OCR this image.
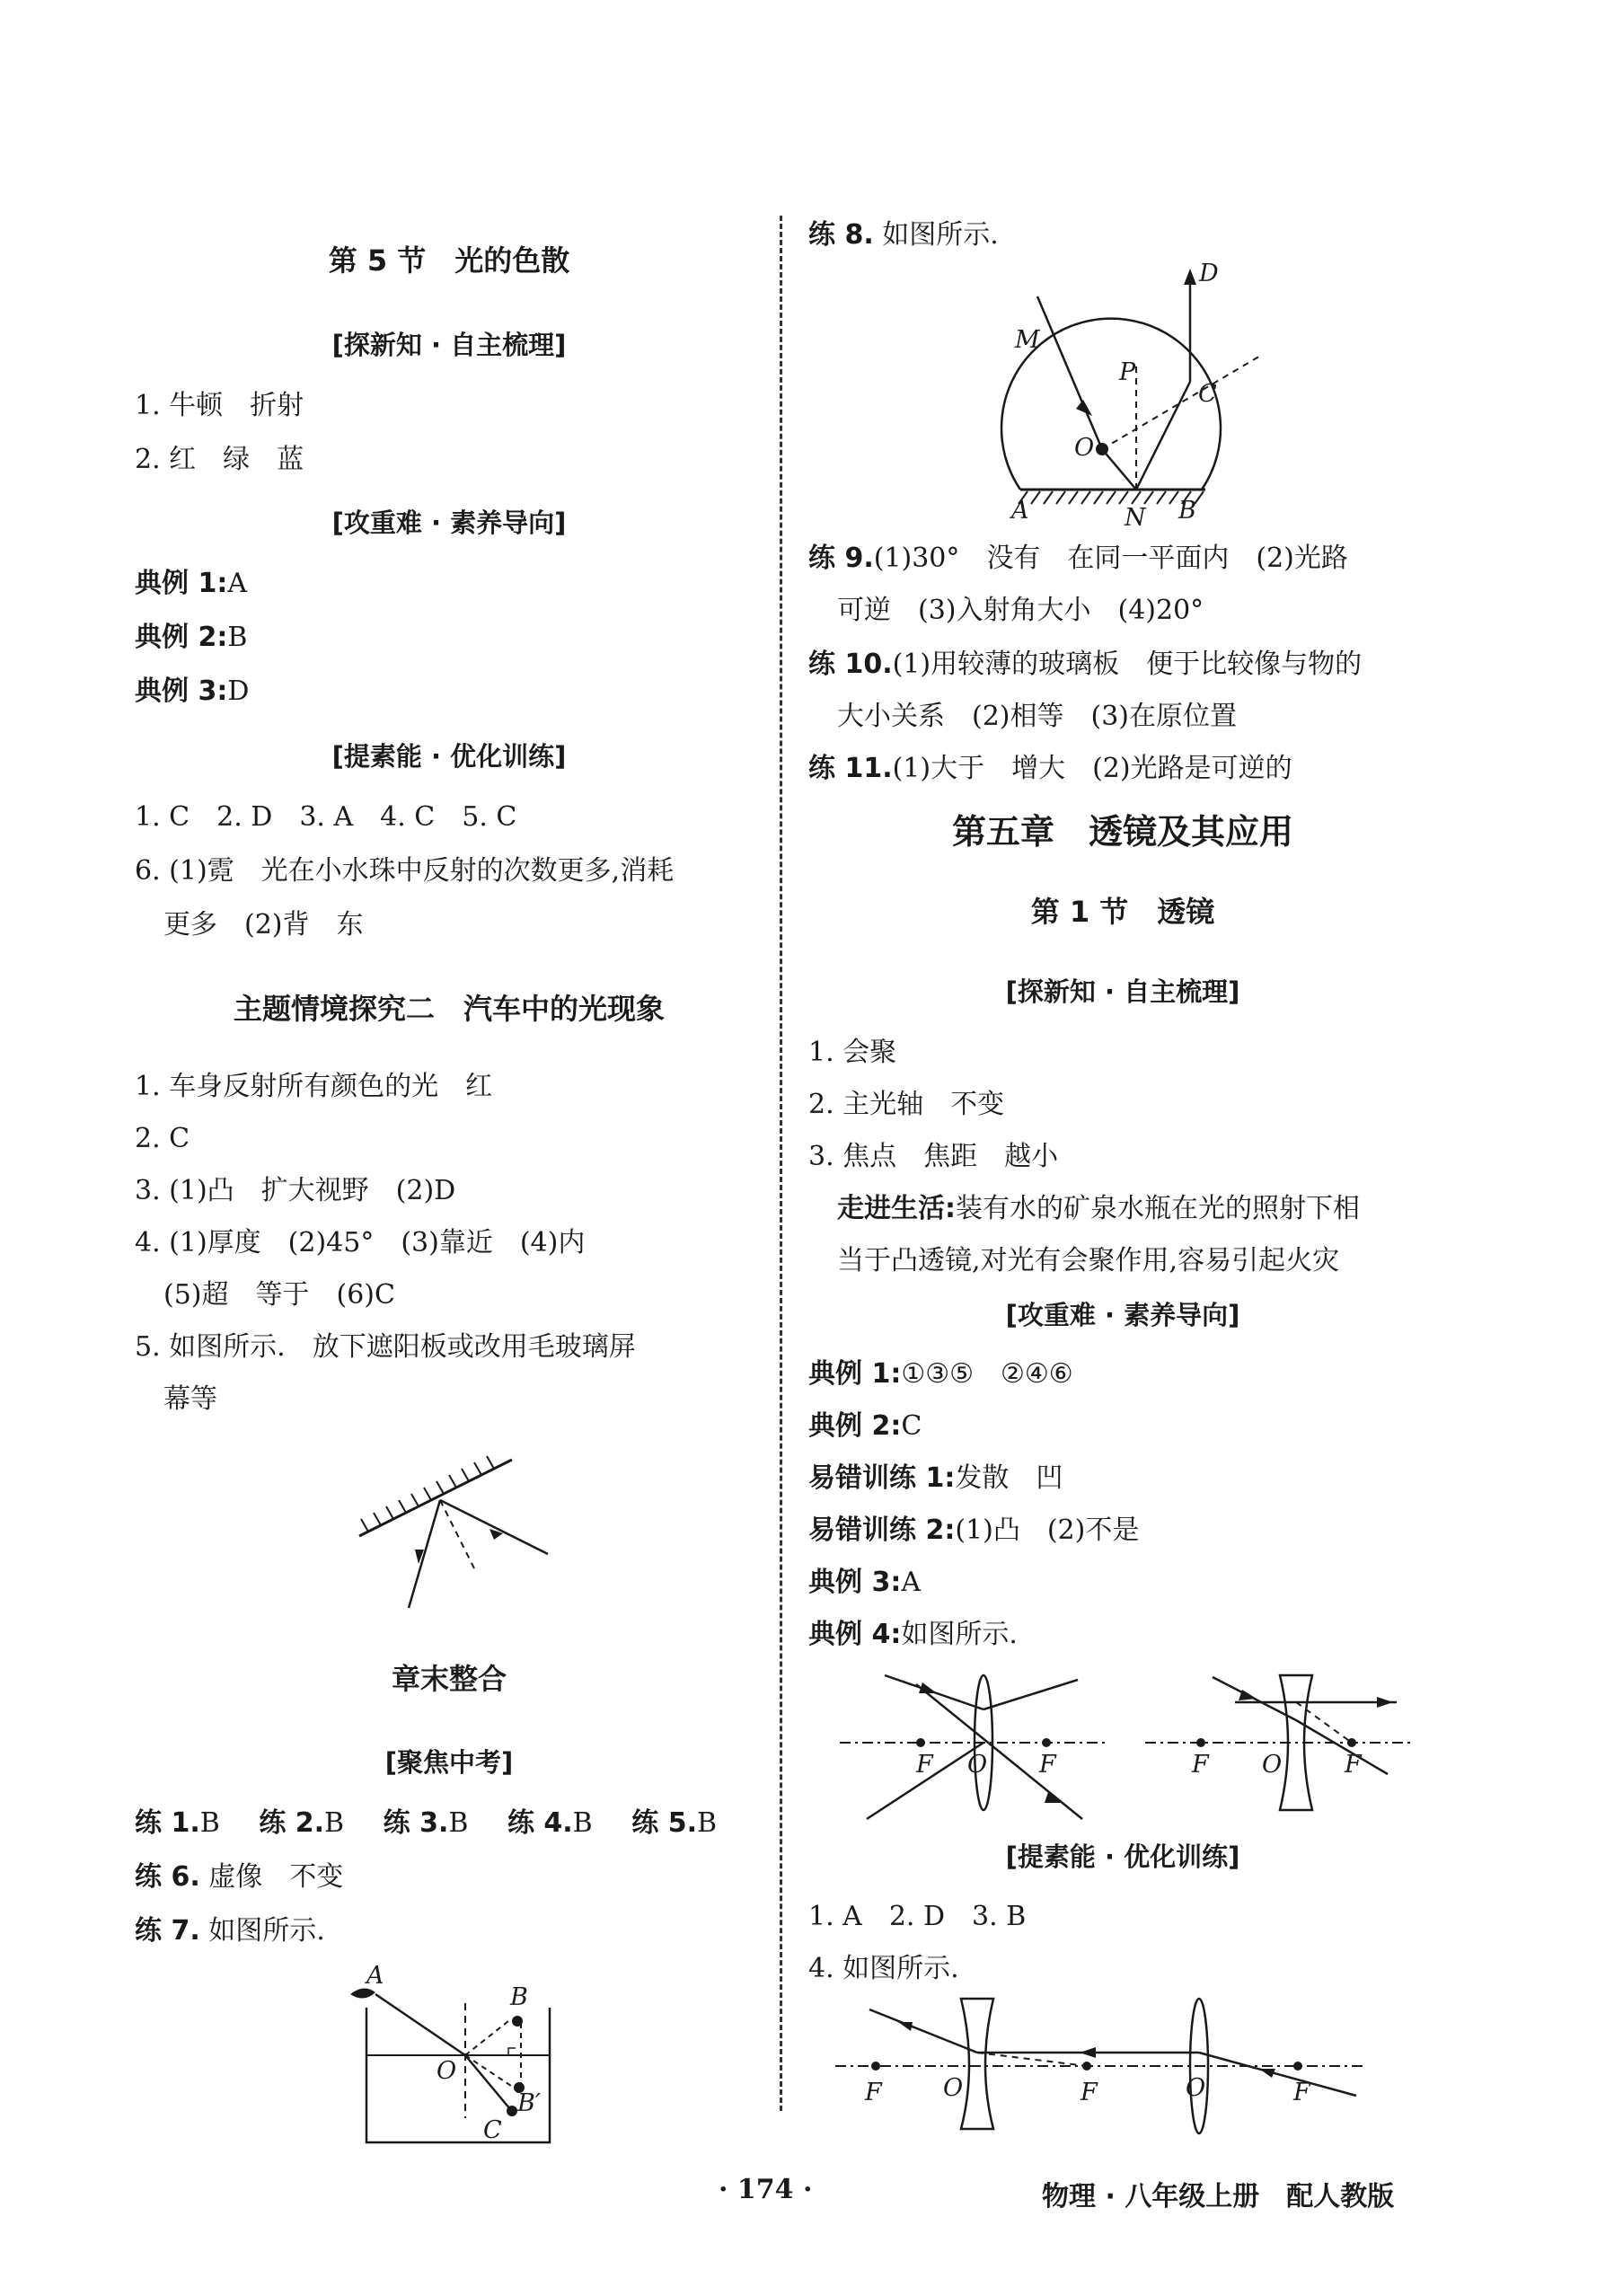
第 5 节　光的色散
[探新知 · 自主梳理]
1. 牛顿　折射
2. 红　绿　蓝
[攻重难 · 素养导向]
典例 1:A
典例 2:B
典例 3:D
[提素能 · 优化训练]
1. C　2. D　3. A　4. C　5. C
6. (1)霓　光在小水珠中反射的次数更多,消耗
更多　(2)背　东
主题情境探究二　汽车中的光现象
1. 车身反射所有颜色的光　红
2. C
3. (1)凸　扩大视野　(2)D
4. (1)厚度　(2)45°　(3)靠近　(4)内
(5)超　等于　(6)C
5. 如图所示.　放下遮阳板或改用毛玻璃屏
幕等
章末整合
[聚焦中考]
练 1.B 练 2.B 练 3.B 练 4.B 练 5.B
练 6. 虚像　不变
练 7. 如图所示.
A
B
O
B′
C
练 8. 如图所示.
练 9.(1)30°　没有　在同一平面内　(2)光路
可逆　(3)入射角大小　(4)20°
练 10.(1)用较薄的玻璃板　便于比较像与物的
大小关系　(2)相等　(3)在原位置
练 11.(1)大于　增大　(2)光路是可逆的
第五章　透镜及其应用
第 1 节　透镜
[探新知 · 自主梳理]
1. 会聚
2. 主光轴　不变
3. 焦点　焦距　越小
走进生活:装有水的矿泉水瓶在光的照射下相
当于凸透镜,对光有会聚作用,容易引起火灾
[攻重难 · 素养导向]
典例 1:①③⑤　②④⑥
典例 2:C
易错训练 1:发散　凹
易错训练 2:(1)凸　(2)不是
典例 3:A
典例 4:如图所示.
[提素能 · 优化训练]
1. A　2. D　3. B
4. 如图所示.
D
M
P
C
O
A	N B
F O F	F O	F
F	O	F	O	F
· 174 ·	物理 · 八年级上册　配人教版
